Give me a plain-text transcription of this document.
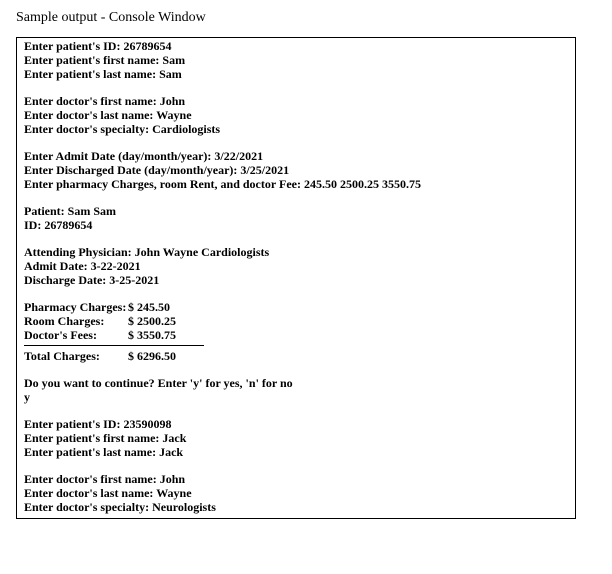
Sample output - Console Window
Enter patient's ID: 26789654
Enter patient's first name: Sam
Enter patient's last name: Sam
Enter doctor's first name: John
Enter doctor's last name: Wayne
Enter doctor's specialty: Cardiologists
Enter Admit Date (day/month/year): 3/22/2021
Enter Discharged Date (day/month/year): 3/25/2021
Enter pharmacy Charges, room Rent, and doctor Fee: 245.50 2500.25 3550.75
Patient: Sam Sam
ID: 26789654
Attending Physician: John Wayne Cardiologists
Admit Date: 3-22-2021
Discharge Date: 3-25-2021
Pharmacy Charges: $ 245.50
Room Charges:	$ 2500.25
Doctor's Fees:	$ 3550.75
Total Charges:	$ 6296.50
Do you want to continue? Enter 'y' for yes, 'n' for no
y
Enter patient's ID: 23590098
Enter patient's first name: Jack
Enter patient's last name: Jack
Enter doctor's first name: John
Enter doctor's last name: Wayne
Enter doctor's specialty: Neurologists
